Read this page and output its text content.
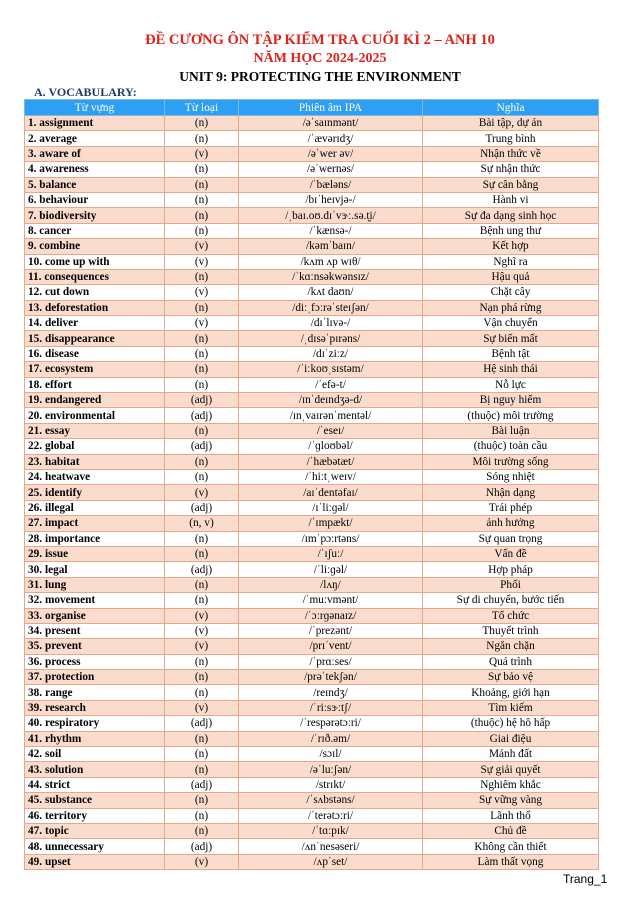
ĐỀ CƯƠNG ÔN TẬP KIỂM TRA CUỐI KÌ 2 – ANH 10
NĂM HỌC 2024-2025
UNIT 9: PROTECTING THE ENVIRONMENT
A. VOCABULARY:
Từ vựng	Từ loại	Phiên âm IPA	Nghĩa
1. assignment	(n)	/əˈsaɪnmənt/	Bài tập, dự án
2. average	(n)	/ˈævərɪdʒ/	Trung bình
3. aware of	(v)	/əˈwer əv/	Nhận thức về
4. awareness	(n)	/əˈwernəs/	Sự nhận thức
5. balance	(n)	/ˈbæləns/	Sự cân bằng
6. behaviour	(n)	/bɪˈheɪvjə-/	Hành vi
7. biodiversity	(n)	/ˌbaɪ.oʊ.dɪˈvɝː.sə.t̬i/	Sự đa dạng sinh học
8. cancer	(n)	/ˈkænsə-/	Bệnh ung thư
9. combine	(v)	/kəmˈbaɪn/	Kết hợp
10. come up with	(v)	/kʌm ʌp wɪθ/	Nghĩ ra
11. consequences	(n)	/ˈkɑːnsəkwənsɪz/	Hậu quả
12. cut down	(v)	/kʌt daʊn/	Chặt cây
13. deforestation	(n)	/diːˌfɔːrəˈsteɪʃən/	Nạn phá rừng
14. deliver	(v)	/dɪˈlɪvə-/	Vận chuyển
15. disappearance	(n)	/ˌdɪsəˈpɪrəns/	Sự biến mất
16. disease	(n)	/dɪˈziːz/	Bệnh tật
17. ecosystem	(n)	/ˈiːkoʊˌsɪstəm/	Hệ sinh thái
18. effort	(n)	/ˈefə-t/	Nỗ lực
19. endangered	(adj)	/ɪnˈdeɪndʒə-d/	Bị nguy hiểm
20. environmental	(adj)	/ɪnˌvaɪrənˈmentəl/	(thuộc) môi trường
21. essay	(n)	/ˈeseɪ/	Bài luận
22. global	(adj)	/ˈɡloʊbəl/	(thuộc) toàn cầu
23. habitat	(n)	/ˈhæbətæt/	Môi trường sống
24. heatwave	(n)	/ˈhiːtˌweɪv/	Sóng nhiệt
25. identify	(v)	/aɪˈdentəfaɪ/	Nhận dạng
26. illegal	(adj)	/ɪˈliːɡəl/	Trái phép
27. impact	(n, v)	/ˈɪmpækt/	ảnh hưởng
28. importance	(n)	/ɪmˈpɔːrtəns/	Sự quan trọng
29. issue	(n)	/ˈɪʃuː/	Vấn đề
30. legal	(adj)	/ˈliːɡəl/	Hợp pháp
31. lung	(n)	/lʌŋ/	Phổi
32. movement	(n)	/ˈmuːvmənt/	Sự di chuyển, bước tiến
33. organise	(v)	/ˈɔːrɡənaɪz/	Tổ chức
34. present	(v)	/ˈprezənt/	Thuyết trình
35. prevent	(v)	/prɪˈvent/	Ngăn chặn
36. process	(n)	/ˈprɑːses/	Quá trình
37. protection	(n)	/prəˈtekʃən/	Sự bảo vệ
38. range	(n)	/reɪndʒ/	Khoảng, giới hạn
39. research	(v)	/ˈriːsɝːtʃ/	Tìm kiếm
40. respiratory	(adj)	/ˈrespərətɔːri/	(thuộc) hệ hô hấp
41. rhythm	(n)	/ˈrɪð.əm/	Giai điệu
42. soil	(n)	/sɔɪl/	Mảnh đất
43. solution	(n)	/əˈluːʃən/	Sự giải quyết
44. strict	(adj)	/strɪkt/	Nghiêm khắc
45. substance	(n)	/ˈsʌbstəns/	Sự vững vàng
46. territory	(n)	/ˈterətɔːri/	Lãnh thổ
47. topic	(n)	/ˈtɑːpɪk/	Chủ đề
48. unnecessary	(adj)	/ʌnˈnesəseri/	Không cần thiết
49. upset	(v)	/ʌpˈset/	Làm thất vọng
Trang_1
